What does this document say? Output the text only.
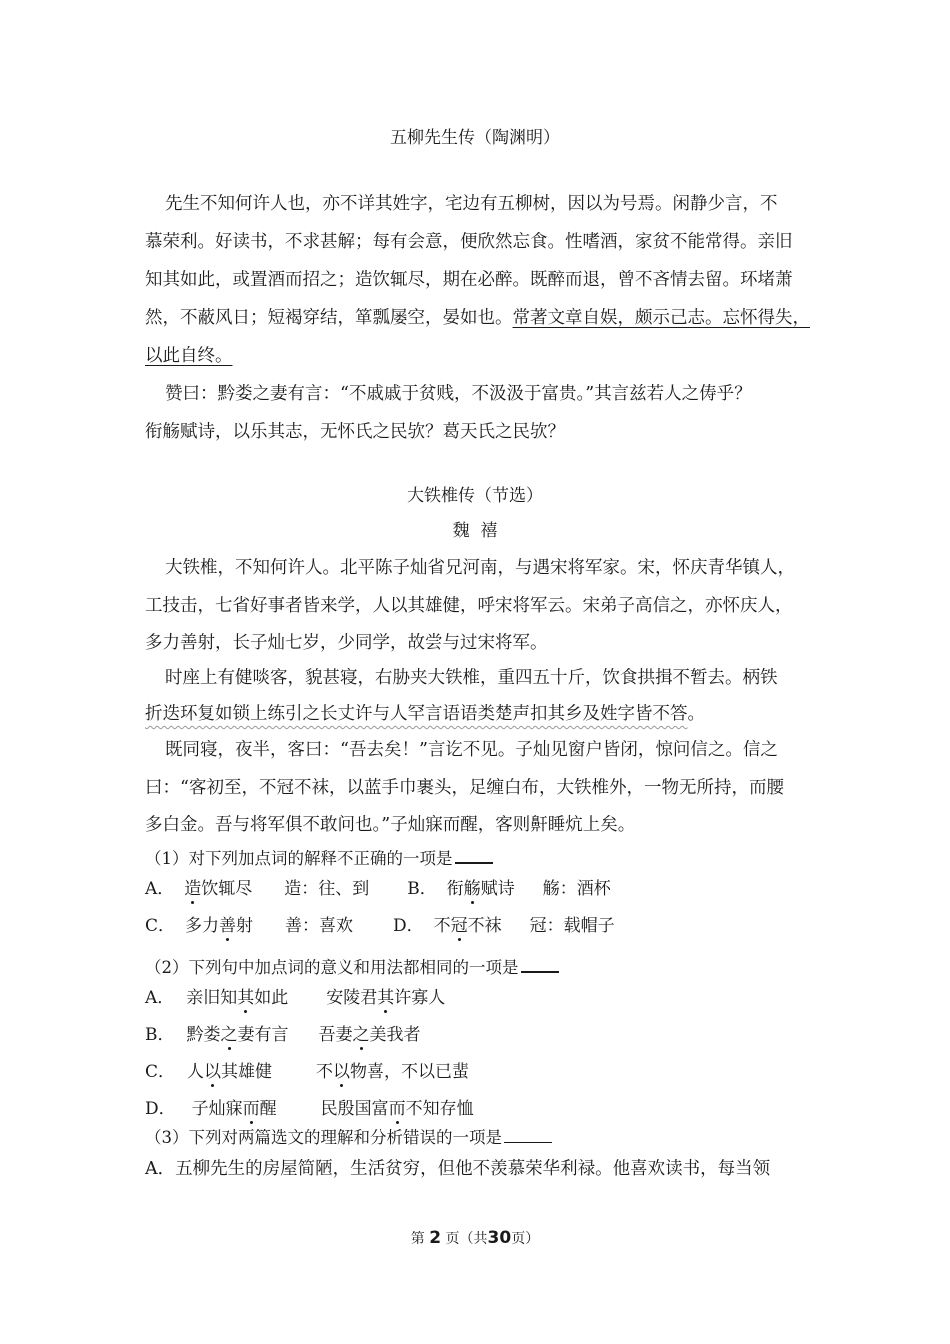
五柳先生传（陶渊明）
先生不知何许人也，亦不详其姓字，宅边有五柳树，因以为号焉。闲静少言，不
慕荣利。好读书，不求甚解；每有会意，便欣然忘食。性嗜酒，家贫不能常得。亲旧
知其如此，或置酒而招之；造饮辄尽，期在必醉。既醉而退，曾不吝情去留。环堵萧
然，不蔽风日；短褐穿结，箪瓢屡空，晏如也。常著文章自娱，颇示己志。忘怀得失，
以此自终。
赞曰：黔娄之妻有言：“不戚戚于贫贱，不汲汲于富贵。”其言兹若人之俦乎？
衔觞赋诗，以乐其志，无怀氏之民欤？葛天氏之民欤？
大铁椎传（节选）
魏  禧
大铁椎，不知何许人。北平陈子灿省兄河南，与遇宋将军家。宋，怀庆青华镇人，
工技击，七省好事者皆来学，人以其雄健，呼宋将军云。宋弟子高信之，亦怀庆人，
多力善射，长子灿七岁，少同学，故尝与过宋将军。
时座上有健啖客，貌甚寝，右胁夹大铁椎，重四五十斤，饮食拱揖不暂去。柄铁
折迭环复如锁上练引之长丈许与人罕言语语类楚声扣其乡及姓字皆不答。
既同寝，夜半，客曰：“吾去矣！”言讫不见。子灿见窗户皆闭，惊问信之。信之
曰：“客初至，不冠不袜，以蓝手巾裹头，足缠白布，大铁椎外，一物无所持，而腰
多白金。吾与将军俱不敢问也。”子灿寐而醒，客则鼾睡炕上矣。
（1）对下列加点词的解释不正确的一项是
A． 造饮辄尽 造：往、到 B． 衔觞赋诗 觞：酒杯
C． 多力善射 善：喜欢 D． 不冠不袜 冠：载帽子
（2）下列句中加点词的意义和用法都相同的一项是
A． 亲旧知其如此 安陵君其许寡人
B． 黔娄之妻有言 吾妻之美我者
C． 人以其雄健	不以物喜，不以已蜚
D． 子灿寐而醒	民殷国富而不知存恤
（3）下列对两篇选文的理解和分析错误的一项是
A．五柳先生的房屋简陋，生活贫穷，但他不羡慕荣华利禄。他喜欢读书，每当领
第 2 页（共30页）
